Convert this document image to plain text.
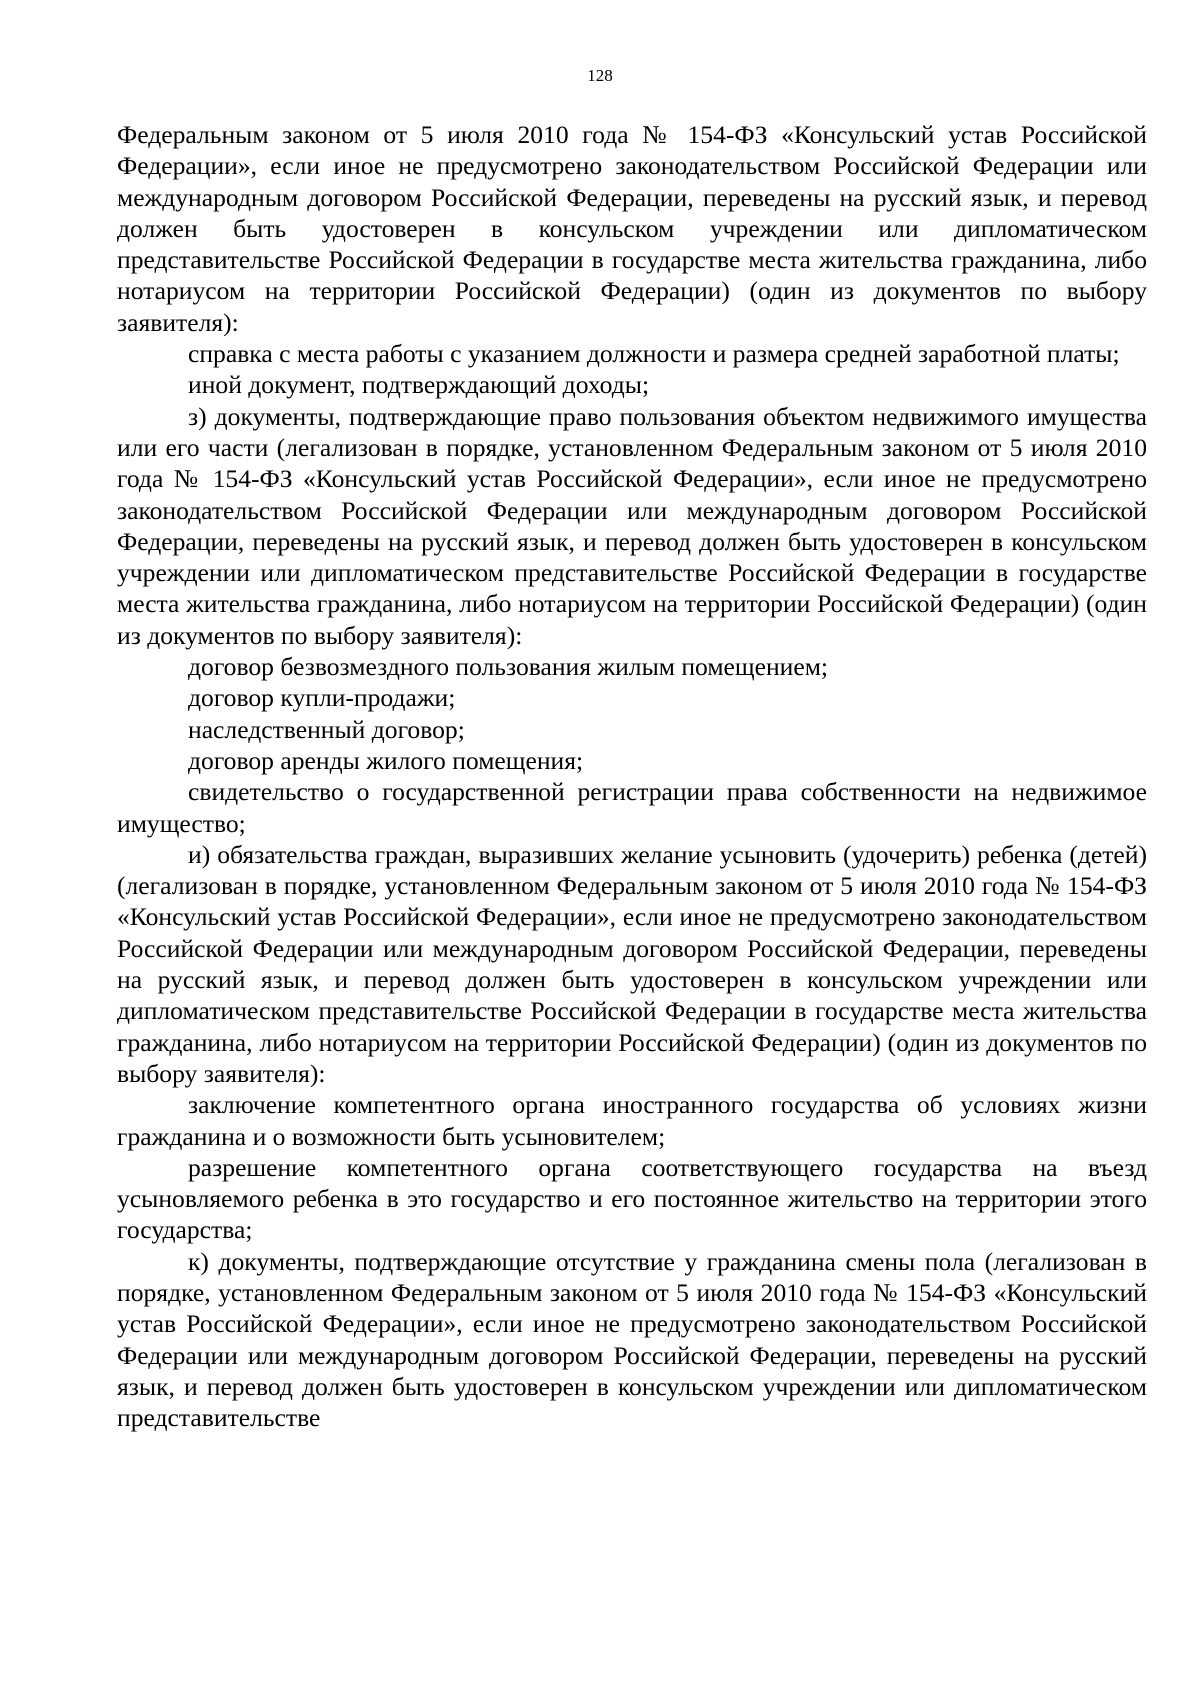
128

Федеральным законом от 5 июля 2010 года № 154-ФЗ «Консульский устав Российской Федерации», если иное не предусмотрено законодательством Российской Федерации или международным договором Российской Федерации, переведены на русский язык, и перевод должен быть удостоверен в консульском учреждении или дипломатическом представительстве Российской Федерации в государстве места жительства гражданина, либо нотариусом на территории Российской Федерации) (один из документов по выбору заявителя):

справка с места работы с указанием должности и размера средней заработной платы;

иной документ, подтверждающий доходы;

з) документы, подтверждающие право пользования объектом недвижимого имущества или его части (легализован в порядке, установленном Федеральным законом от 5 июля 2010 года № 154-ФЗ «Консульский устав Российской Федерации», если иное не предусмотрено законодательством Российской Федерации или международным договором Российской Федерации, переведены на русский язык, и перевод должен быть удостоверен в консульском учреждении или дипломатическом представительстве Российской Федерации в государстве места жительства гражданина, либо нотариусом на территории Российской Федерации) (один из документов по выбору заявителя):

договор безвозмездного пользования жилым помещением;

договор купли-продажи;

наследственный договор;

договор аренды жилого помещения;

свидетельство о государственной регистрации права собственности на недвижимое имущество;

и) обязательства граждан, выразивших желание усыновить (удочерить) ребенка (детей) (легализован в порядке, установленном Федеральным законом от 5 июля 2010 года № 154-ФЗ «Консульский устав Российской Федерации», если иное не предусмотрено законодательством Российской Федерации или международным договором Российской Федерации, переведены на русский язык, и перевод должен быть удостоверен в консульском учреждении или дипломатическом представительстве Российской Федерации в государстве места жительства гражданина, либо нотариусом на территории Российской Федерации) (один из документов по выбору заявителя):

заключение компетентного органа иностранного государства об условиях жизни гражданина и о возможности быть усыновителем;

разрешение компетентного органа соответствующего государства на въезд усыновляемого ребенка в это государство и его постоянное жительство на территории этого государства;

к) документы, подтверждающие отсутствие у гражданина смены пола (легализован в порядке, установленном Федеральным законом от 5 июля 2010 года № 154-ФЗ «Консульский устав Российской Федерации», если иное не предусмотрено законодательством Российской Федерации или международным договором Российской Федерации, переведены на русский язык, и перевод должен быть удостоверен в консульском учреждении или дипломатическом представительстве
